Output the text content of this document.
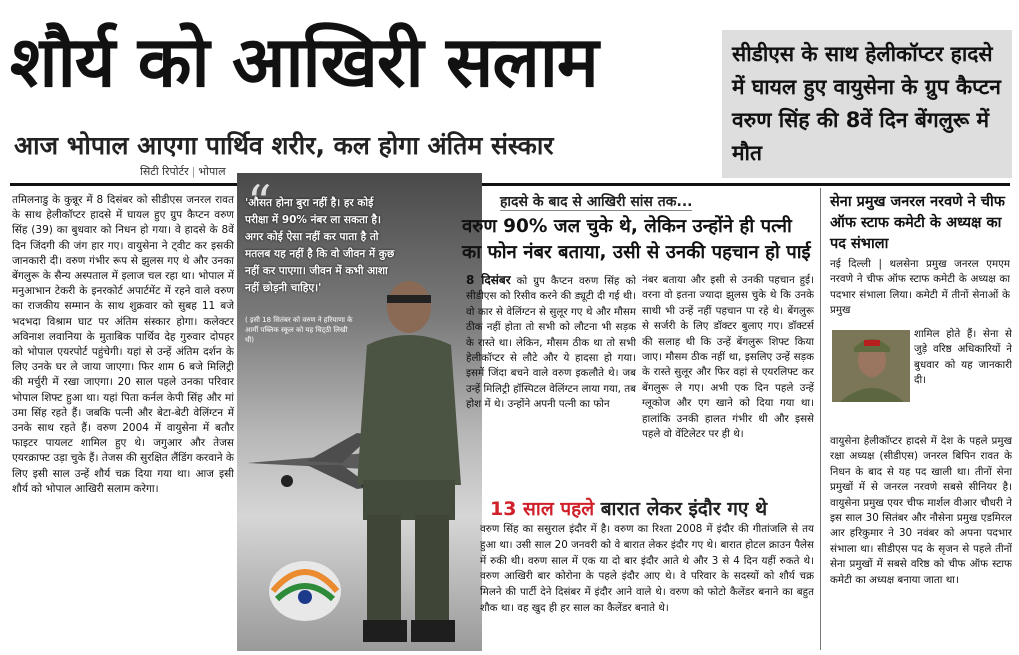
शौर्य को आखिरी सलाम
आज भोपाल आएगा पार्थिव शरीर, कल होगा अंतिम संस्कार
सिटी रिपोर्टर | भोपाल

सीडीएस के साथ हेलीकॉप्टर हादसे में घायल हुए वायुसेना के ग्रुप कैप्टन वरुण सिंह की 8वें दिन बेंगलुरू में मौत

तमिलनाडु के कुन्नूर में 8 दिसंबर को सीडीएस जनरल रावत के साथ हेलीकॉप्टर हादसे में घायल हुए ग्रुप कैप्टन वरुण सिंह (39) का बुधवार को निधन हो गया। वे हादसे के 8वें दिन जिंदगी की जंग हार गए। वायुसेना ने ट्वीट कर इसकी जानकारी दी। वरुण गंभीर रूप से झुलस गए थे और उनका बेंगलुरू के सैन्य अस्पताल में इलाज चल रहा था। भोपाल में मनुआभान टेकरी के इनरकोर्ट अपार्टमेंट में रहने वाले वरुण का राजकीय सम्मान के साथ शुक्रवार को सुबह 11 बजे भदभदा विश्राम घाट पर अंतिम संस्कार होगा। कलेक्टर अविनाश लवानिया के मुताबिक पार्थिव देह गुरुवार दोपहर को भोपाल एयरपोर्ट पहुंचेगी। यहां से उन्हें अंतिम दर्शन के लिए उनके घर ले जाया जाएगा। फिर शाम 6 बजे मिलिट्री की मर्चुरी में रखा जाएगा। 20 साल पहले उनका परिवार भोपाल शिफ्ट हुआ था। यहां पिता कर्नल केपी सिंह और मां उमा सिंह रहते हैं। जबकि पत्नी और बेटा-बेटी वेलिंग्टन में उनके साथ रहते हैं। वरुण 2004 में वायुसेना में बतौर फाइटर पायलट शामिल हुए थे। जगुआर और तेजस एयरक्राफ्ट उड़ा चुके हैं। तेजस की सुरक्षित लैंडिंग करवाने के लिए इसी साल उन्हें शौर्य चक्र दिया गया था। आज इसी शौर्य को भोपाल आखिरी सलाम करेगा।
“
'औसत होना बुरा नहीं है। हर कोई परीक्षा में 90% नंबर ला सकता है। अगर कोई ऐसा नहीं कर पाता है तो मतलब यह नहीं है कि वो जीवन में कुछ नहीं कर पाएगा। जीवन में कभी आशा नहीं छोड़नी चाहिए।'
( इसी 18 सितंबर को वरुण ने हरियाणा के आर्मी पब्लिक स्कूल को यह चिट्‌ठी लिखी थी)
हादसे के बाद से आखिरी सांस तक...
वरुण 90% जल चुके थे, लेकिन उन्होंने ही पत्नी का फोन नंबर बताया, उसी से उनकी पहचान हो पाई
8 दिसंबर को ग्रुप कैप्टन वरुण सिंह को सीडीएस को रिसीव करने की ड्यूटी दी गई थी। वो कार से वेलिंग्टन से सुलूर गए थे और मौसम ठीक नहीं होता तो सभी को लौटना भी सड़क के रास्ते था। लेकिन, मौसम ठीक था तो सभी हेलीकॉप्टर से लौटे और ये हादसा हो गया। इसमें जिंदा बचने वाले वरुण इकलौते थे। जब उन्हें मिलिट्री हॉस्पिटल वेलिंग्टन लाया गया, तब होश में थे। उन्होंने अपनी पत्नी का फोन
नंबर बताया और इसी से उनकी पहचान हुई। वरना वो इतना ज्यादा झुलस चुके थे कि उनके साथी भी उन्हें नहीं पहचान पा रहे थे। बेंगलुरू से सर्जरी के लिए डॉक्टर बुलाए गए। डॉक्टर्स की सलाह थी कि उन्हें बेंगलुरू शिफ्ट किया जाए। मौसम ठीक नहीं था, इसलिए उन्हें सड़क के रास्ते सुलूर और फिर वहां से एयरलिफ्ट कर बेंगलुरू ले गए। अभी एक दिन पहले उन्हें ग्लूकोज और एग खाने को दिया गया था। हालांकि उनकी हालत गंभीर थी और इससे पहले वो वेंटिलेटर पर ही थे।
13 साल पहले बारात लेकर इंदौर गए थे
वरुण सिंह का ससुराल इंदौर में है। वरुण का रिश्ता 2008 में इंदौर की गीतांजलि से तय हुआ था। उसी साल 20 जनवरी को वे बारात लेकर इंदौर गए थे। बारात होटल क्राउन पैलेस में रुकी थी। वरुण साल में एक या दो बार इंदौर आते थे और 3 से 4 दिन यहीं रुकते थे। वरुण आखिरी बार कोरोना के पहले इंदौर आए थे। वे परिवार के सदस्यों को शौर्य चक्र मिलने की पार्टी देने दिसंबर में इंदौर आने वाले थे। वरुण को फोटो कैलेंडर बनाने का बहुत शौक था। वह खुद ही हर साल का कैलेंडर बनाते थे।
सेना प्रमुख जनरल नरवणे ने चीफ ऑफ स्टाफ कमेटी के अध्यक्ष का पद संभाला
नई दिल्ली | थलसेना प्रमुख जनरल एमएम नरवणे ने चीफ ऑफ स्टाफ कमेटी के अध्यक्ष का पदभार संभाला लिया। कमेटी में तीनों सेनाओं के प्रमुख
शामिल होते हैं। सेना से जुड़े वरिष्ठ अधिकारियों ने बुधवार को यह जानकारी दी।
वायुसेना हेलीकॉप्टर हादसे में देश के पहले प्रमुख रक्षा अध्यक्ष (सीडीएस) जनरल बिपिन रावत के निधन के बाद से यह पद खाली था। तीनों सेना प्रमुखों में से जनरल नरवणे सबसे सीनियर है। वायुसेना प्रमुख एयर चीफ मार्शल वीआर चौधरी ने इस साल 30 सितंबर और नौसेना प्रमुख एडमिरल आर हरिकुमार ने 30 नवंबर को अपना पदभार संभाला था। सीडीएस पद के सृजन से पहले तीनों सेना प्रमुखों में सबसे वरिष्ठ को चीफ ऑफ स्टाफ कमेटी का अध्यक्ष बनाया जाता था।
